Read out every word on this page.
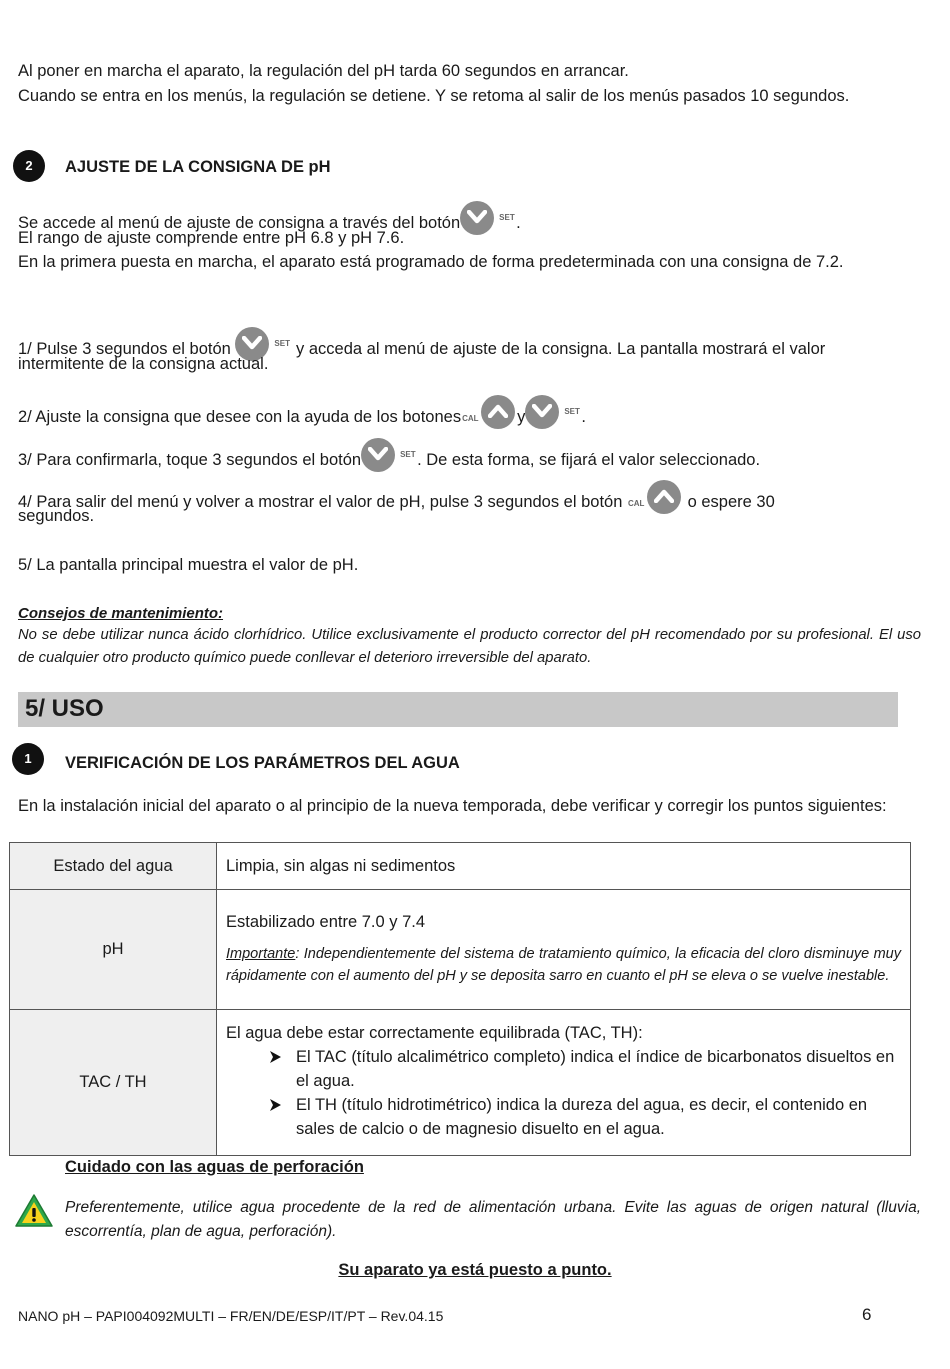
Al poner en marcha el aparato, la regulación del pH tarda 60 segundos en arrancar.
Cuando se entra en los menús, la regulación se detiene. Y se retoma al salir de los menús pasados 10 segundos.
2	AJUSTE DE LA CONSIGNA DE pH
Se accede al menú de ajuste de consigna a través del botón	SET .
El rango de ajuste comprende entre pH 6.8 y pH 7.6.
En la primera puesta en marcha, el aparato está programado de forma predeterminada con una consigna de 7.2.
1/ Pulse 3 segundos el botón	SET y acceda al menú de ajuste de la consigna. La pantalla mostrará el valor
intermitente de la consigna actual.
2/ Ajuste la consigna que desee con la ayuda de los botones CAL y	SET .
3/ Para confirmarla, toque 3 segundos el botón	SET . De esta forma, se fijará el valor seleccionado.
4/ Para salir del menú y volver a mostrar el valor de pH, pulse 3 segundos el botón CAL	o espere 30
segundos.
5/ La pantalla principal muestra el valor de pH.
Consejos de mantenimiento:
No se debe utilizar nunca ácido clorhídrico. Utilice exclusivamente el producto corrector del pH recomendado por su profesional. El uso de cualquier otro producto químico puede conllevar el deterioro irreversible del aparato.
5/ USO
1	VERIFICACIÓN DE LOS PARÁMETROS DEL AGUA
En la instalación inicial del aparato o al principio de la nueva temporada, debe verificar y corregir los puntos siguientes:
Estado del agua	Limpia, sin algas ni sedimentos
pH	Estabilizado entre 7.0 y 7.4
Importante: Independientemente del sistema de tratamiento químico, la eficacia del cloro disminuye muy rápidamente con el aumento del pH y se deposita sarro en cuanto el pH se eleva o se vuelve inestable.

TAC / TH	El agua debe estar correctamente equilibrada (TAC, TH):
El TAC (título alcalimétrico completo) indica el índice de bicarbonatos disueltos en el agua.
El TH (título hidrotimétrico) indica la dureza del agua, es decir, el contenido en sales de calcio o de magnesio disuelto en el agua.
Cuidado con las aguas de perforación
Preferentemente, utilice agua procedente de la red de alimentación urbana. Evite las aguas de origen natural (lluvia, escorrentía, plan de agua, perforación).
Su aparato ya está puesto a punto.
NANO pH – PAPI004092MULTI – FR/EN/DE/ESP/IT/PT – Rev.04.15	6
